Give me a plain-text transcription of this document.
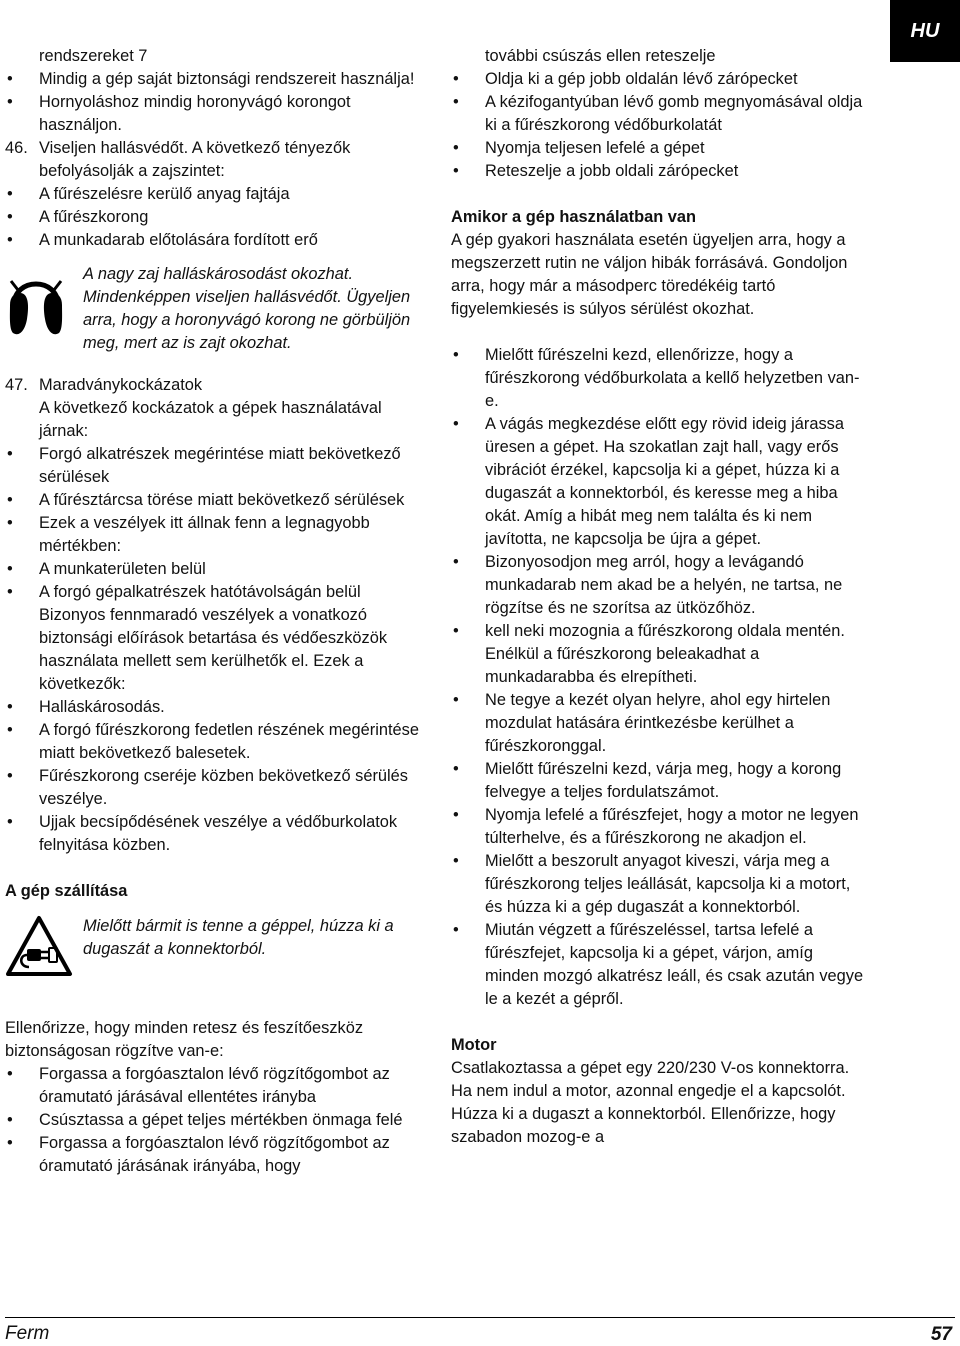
HU

rendszereket 7

• Mindig a gép saját biztonsági rendszereit használja!
• Hornyoláshoz mindig horonyvágó korongot használjon.
46. Viseljen hallásvédőt. A következő tényezők befolyásolják a zajszintet:
• A fűrészelésre kerülő anyag fajtája
• A fűrészkorong
• A munkadarab előtolására fordított erő
A nagy zaj halláskárosodást okozhat. Mindenképpen viseljen hallásvédőt. Ügyeljen arra, hogy a horonyvágó korong ne görbüljön meg, mert az is zajt okozhat.
47. Maradványkockázatok

A következő kockázatok a gépek használatával járnak:

• Forgó alkatrészek megérintése miatt bekövetkező sérülések
• A fűrésztárcsa törése miatt bekövetkező sérülések
• Ezek a veszélyek itt állnak fenn a legnagyobb mértékben:
• A munkaterületen belül
• A forgó gépalkatrészek hatótávolságán belül

Bizonyos fennmaradó veszélyek a vonatkozó biztonsági előírások betartása és védőeszközök használata mellett sem kerülhetők el. Ezek a következők:

• Halláskárosodás.
• A forgó fűrészkorong fedetlen részének megérintése miatt bekövetkező balesetek.
• Fűrészkorong cseréje közben bekövetkező sérülés veszélye.
• Ujjak becsípődésének veszélye a védőburkolatok felnyitása közben.

A gép szállítása

Mielőtt bármit is tenne a géppel, húzza ki a dugaszát a konnektorból.

Ellenőrizze, hogy minden retesz és feszítőeszköz biztonságosan rögzítve van-e:

• Forgassa a forgóasztalon lévő rögzítőgombot az óramutató járásával ellentétes irányba
• Csúsztassa a gépet teljes mértékben önmaga felé
• Forgassa a forgóasztalon lévő rögzítőgombot az óramutató járásának irányába, hogy

további csúszás ellen reteszelje

• Oldja ki a gép jobb oldalán lévő zárópecket
• A kézifogantyúban lévő gomb megnyomásával oldja ki a fűrészkorong védőburkolatát
• Nyomja teljesen lefelé a gépet
• Reteszelje a jobb oldali zárópecket

Amikor a gép használatban van

A gép gyakori használata esetén ügyeljen arra, hogy a megszerzett rutin ne váljon hibák forrásává. Gondoljon arra, hogy már a másodperc töredékéig tartó figyelemkiesés is súlyos sérülést okozhat.

• Mielőtt fűrészelni kezd, ellenőrizze, hogy a fűrészkorong védőburkolata a kellő helyzetben van-e.
• A vágás megkezdése előtt egy rövid ideig járassa üresen a gépet. Ha szokatlan zajt hall, vagy erős vibrációt érzékel, kapcsolja ki a gépet, húzza ki a dugaszát a konnektorból, és keresse meg a hiba okát. Amíg a hibát meg nem találta és ki nem javította, ne kapcsolja be újra a gépet.
• Bizonyosodjon meg arról, hogy a levágandó munkadarab nem akad be a helyén, ne tartsa, ne rögzítse és ne szorítsa az ütközőhöz.
• kell neki mozognia a fűrészkorong oldala mentén. Enélkül a fűrészkorong beleakadhat a munkadarabba és elrepítheti.
• Ne tegye a kezét olyan helyre, ahol egy hirtelen mozdulat hatására érintkezésbe kerülhet a fűrészkoronggal.
• Mielőtt fűrészelni kezd, várja meg, hogy a korong felvegye a teljes fordulatszámot.
• Nyomja lefelé a fűrészfejet, hogy a motor ne legyen túlterhelve, és a fűrészkorong ne akadjon el.
• Mielőtt a beszorult anyagot kiveszi, várja meg a fűrészkorong teljes leállását, kapcsolja ki a motort, és húzza ki a gép dugaszát a konnektorból.
• Miután végzett a fűrészeléssel, tartsa lefelé a fűrészfejet, kapcsolja ki a gépet, várjon, amíg minden mozgó alkatrész leáll, és csak azután vegye le a kezét a gépről.

Motor

Csatlakoztassa a gépet egy 220/230 V-os konnektorra. Ha nem indul a motor, azonnal engedje el a kapcsolót. Húzza ki a dugaszt a konnektorból. Ellenőrizze, hogy szabadon mozog-e a

Ferm	57
